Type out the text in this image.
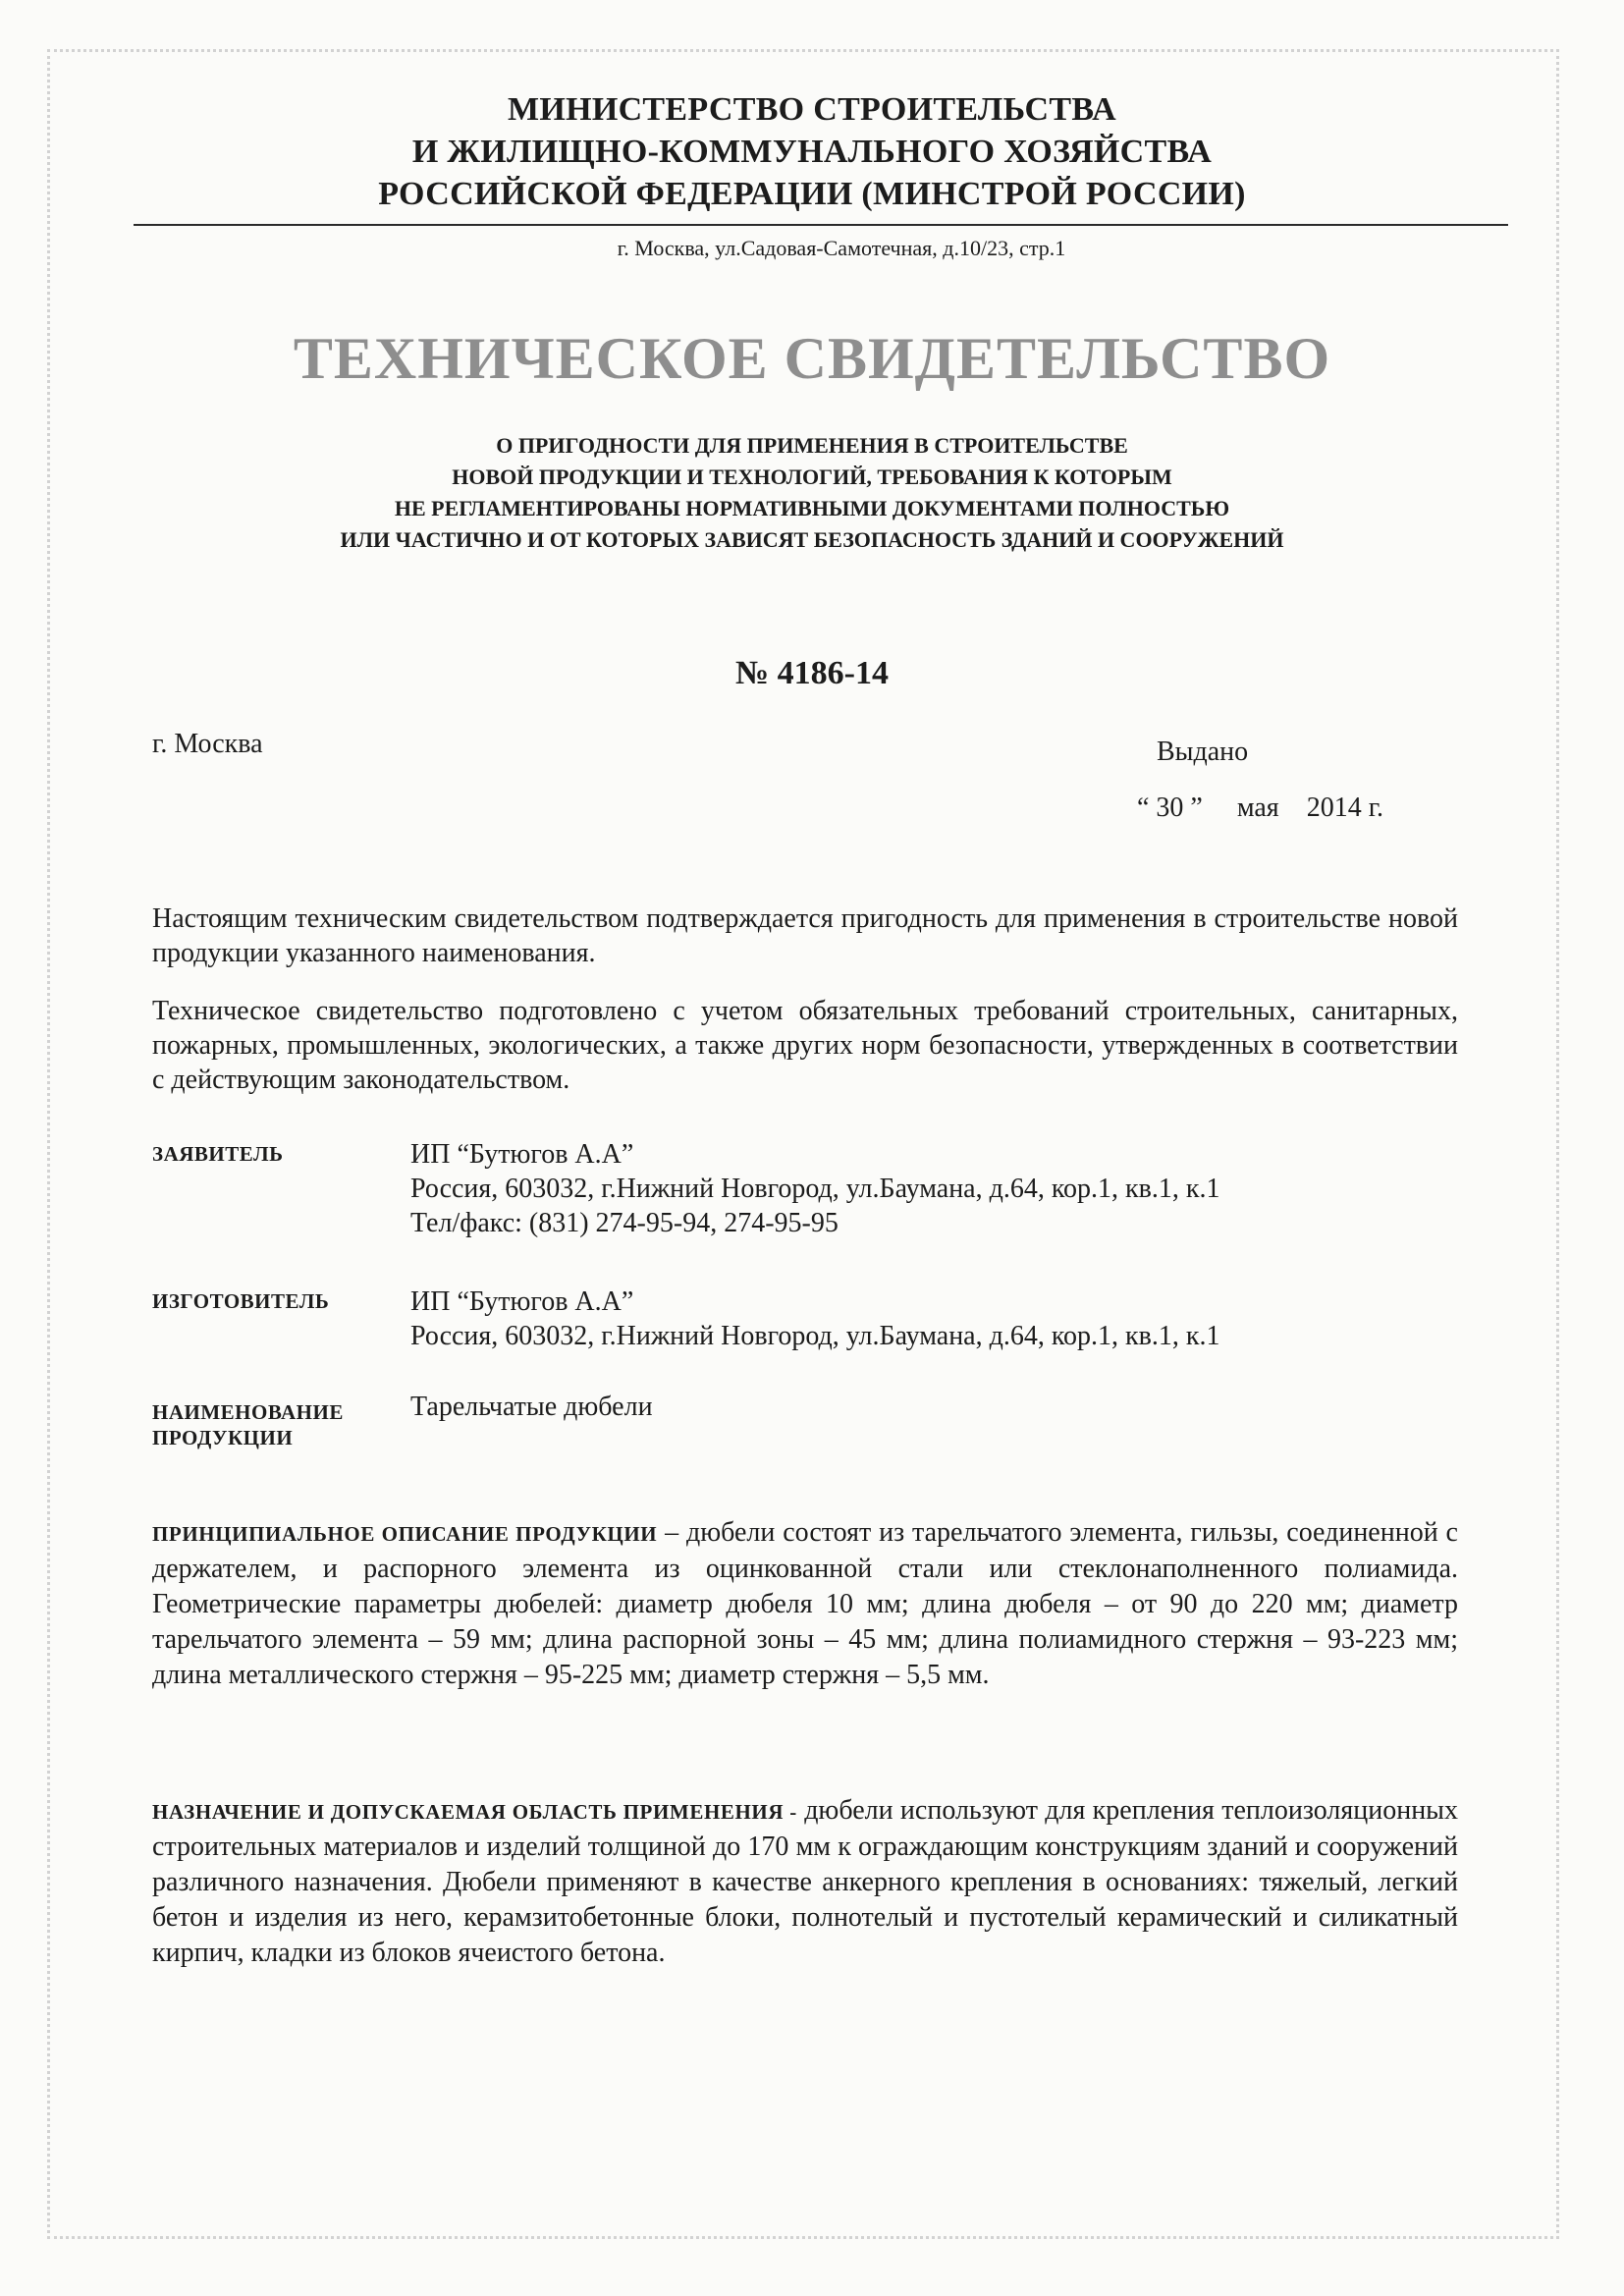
МИНИСТЕРСТВО СТРОИТЕЛЬСТВА
И ЖИЛИЩНО-КОММУНАЛЬНОГО ХОЗЯЙСТВА
РОССИЙСКОЙ ФЕДЕРАЦИИ (МИНСТРОЙ РОССИИ)
г. Москва, ул.Садовая-Самотечная, д.10/23, стр.1
ТЕХНИЧЕСКОЕ СВИДЕТЕЛЬСТВО
О ПРИГОДНОСТИ ДЛЯ ПРИМЕНЕНИЯ В СТРОИТЕЛЬСТВЕ
НОВОЙ ПРОДУКЦИИ И ТЕХНОЛОГИЙ, ТРЕБОВАНИЯ К КОТОРЫМ
НЕ РЕГЛАМЕНТИРОВАНЫ НОРМАТИВНЫМИ ДОКУМЕНТАМИ ПОЛНОСТЬЮ
ИЛИ ЧАСТИЧНО И ОТ КОТОРЫХ ЗАВИСЯТ БЕЗОПАСНОСТЬ ЗДАНИЙ И СООРУЖЕНИЙ
№ 4186-14
г. Москва	Выдано
“ 30 ”     мая    2014 г.
Настоящим техническим свидетельством подтверждается пригодность для применения в строительстве новой продукции указанного наименования.
Техническое свидетельство подготовлено с учетом обязательных требований строительных, санитарных, пожарных, промышленных, экологических, а также других норм безопасности, утвержденных в соответствии с действующим законодательством.
ЗАЯВИТЕЛЬ	ИП “Бутюгов А.А”
Россия, 603032, г.Нижний Новгород, ул.Баумана, д.64, кор.1, кв.1, к.1
Тел/факс: (831) 274-95-94, 274-95-95
ИЗГОТОВИТЕЛЬ	ИП “Бутюгов А.А”
Россия, 603032, г.Нижний Новгород, ул.Баумана, д.64, кор.1, кв.1, к.1
НАИМЕНОВАНИЕ
ПРОДУКЦИИ
Тарельчатые дюбели
ПРИНЦИПИАЛЬНОЕ ОПИСАНИЕ ПРОДУКЦИИ – дюбели состоят из тарельчатого элемента, гильзы, соединенной с держателем, и распорного элемента из оцинкованной стали или стеклонаполненного полиамида. Геометрические параметры дюбелей: диаметр дюбеля 10 мм; длина дюбеля – от 90 до 220 мм; диаметр тарельчатого элемента – 59 мм; длина распорной зоны – 45 мм; длина полиамидного стержня – 93-223 мм; длина металлического стержня – 95-225 мм; диаметр стержня – 5,5 мм.
НАЗНАЧЕНИЕ И ДОПУСКАЕМАЯ ОБЛАСТЬ ПРИМЕНЕНИЯ - дюбели используют для крепления теплоизоляционных строительных материалов и изделий толщиной до 170 мм к ограждающим конструкциям зданий и сооружений различного назначения. Дюбели применяют в качестве анкерного крепления в основаниях: тяжелый, легкий бетон и изделия из него, керамзитобетонные блоки, полнотелый и пустотелый керамический и силикатный кирпич, кладки из блоков ячеистого бетона.
